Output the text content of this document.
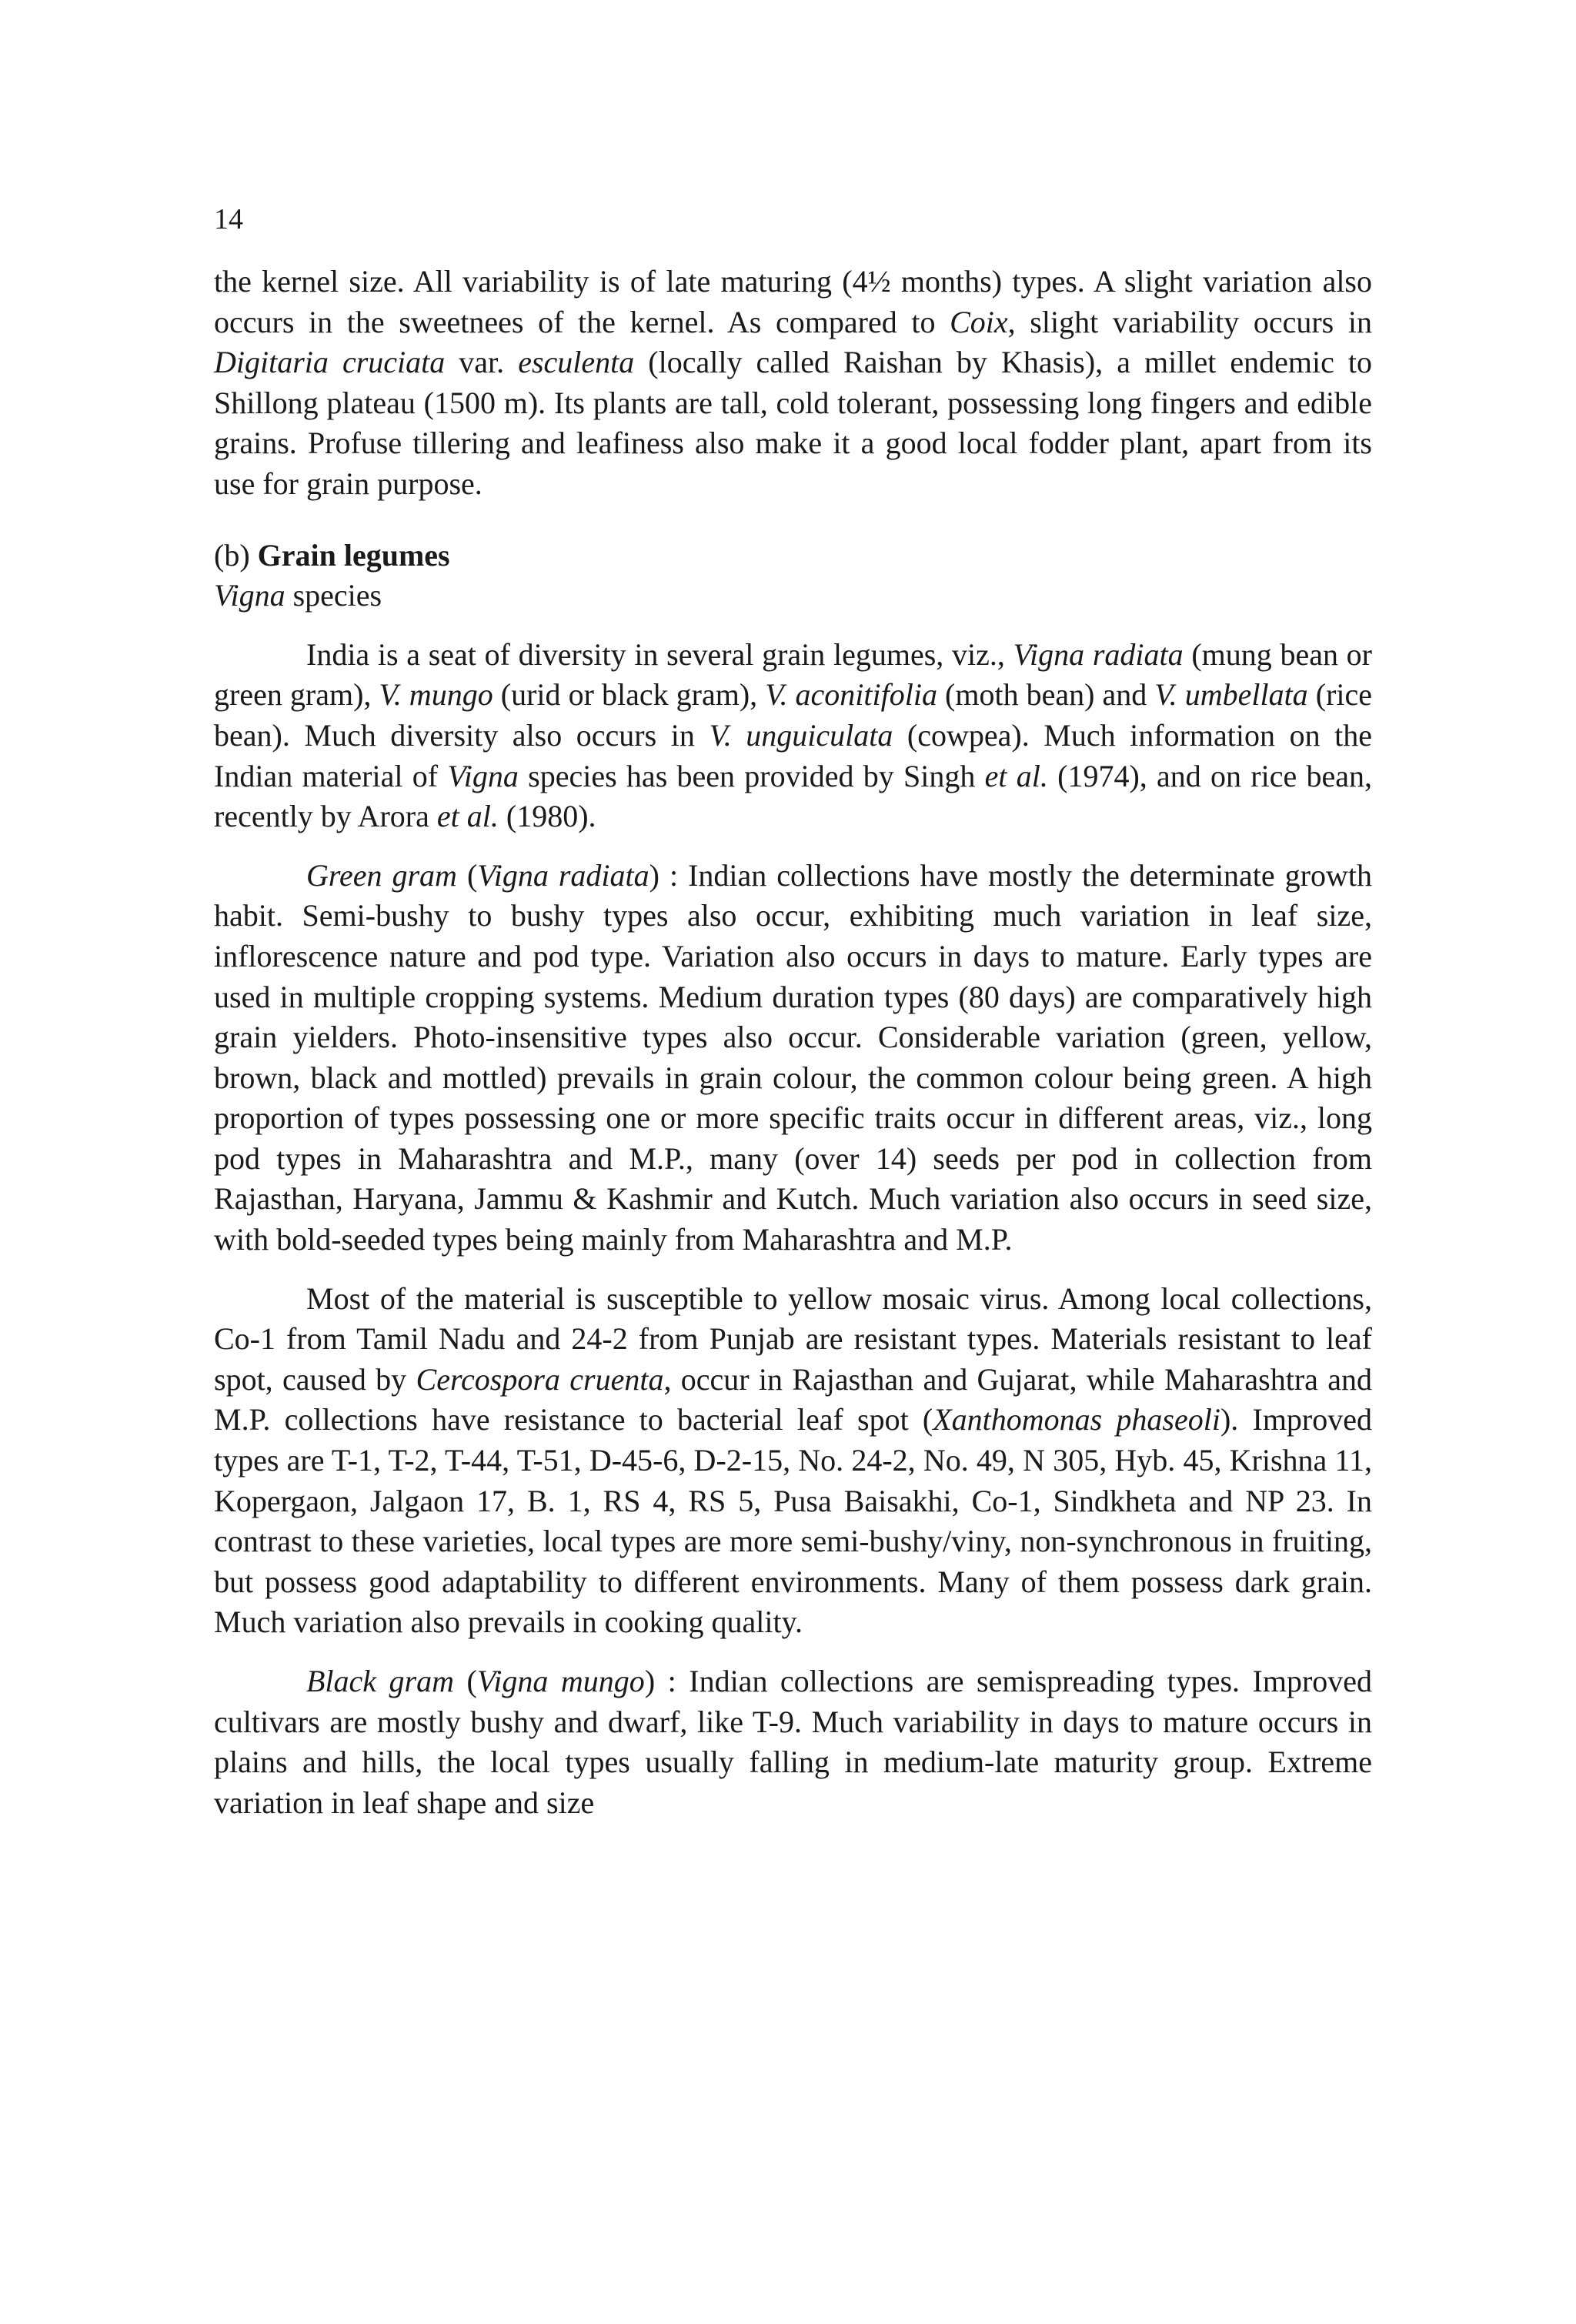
14

the kernel size. All variability is of late maturing (4½ months) types. A slight variation also occurs in the sweetnees of the kernel. As compared to Coix, slight variability occurs in Digitaria cruciata var. esculenta (locally called Raishan by Khasis), a millet endemic to Shillong plateau (1500 m). Its plants are tall, cold tolerant, possessing long fingers and edible grains. Profuse tillering and leafiness also make it a good local fodder plant, apart from its use for grain purpose.

(b) Grain legumes
Vigna species

India is a seat of diversity in several grain legumes, viz., Vigna radiata (mung bean or green gram), V. mungo (urid or black gram), V. aconitifolia (moth bean) and V. umbellata (rice bean). Much diversity also occurs in V. unguiculata (cowpea). Much information on the Indian material of Vigna species has been provided by Singh et al. (1974), and on rice bean, recently by Arora et al. (1980).

Green gram (Vigna radiata) : Indian collections have mostly the determinate growth habit. Semi-bushy to bushy types also occur, exhibiting much variation in leaf size, inflorescence nature and pod type. Variation also occurs in days to mature. Early types are used in multiple cropping systems. Medium duration types (80 days) are comparatively high grain yielders. Photo-insensitive types also occur. Considerable variation (green, yellow, brown, black and mottled) prevails in grain colour, the common colour being green. A high proportion of types possessing one or more specific traits occur in different areas, viz., long pod types in Maharashtra and M.P., many (over 14) seeds per pod in collection from Rajasthan, Haryana, Jammu & Kashmir and Kutch. Much variation also occurs in seed size, with bold-seeded types being mainly from Maharashtra and M.P.

Most of the material is susceptible to yellow mosaic virus. Among local collections, Co-1 from Tamil Nadu and 24-2 from Punjab are resistant types. Materials resistant to leaf spot, caused by Cercospora cruenta, occur in Rajasthan and Gujarat, while Maharashtra and M.P. collections have resistance to bacterial leaf spot (Xanthomonas phaseoli). Improved types are T-1, T-2, T-44, T-51, D-45-6, D-2-15, No. 24-2, No. 49, N 305, Hyb. 45, Krishna 11, Kopergaon, Jalgaon 17, B. 1, RS 4, RS 5, Pusa Baisakhi, Co-1, Sindkheta and NP 23. In contrast to these varieties, local types are more semi-bushy/viny, non-synchronous in fruiting, but possess good adaptability to different environments. Many of them possess dark grain. Much variation also prevails in cooking quality.

Black gram (Vigna mungo) : Indian collections are semispreading types. Improved cultivars are mostly bushy and dwarf, like T-9. Much variability in days to mature occurs in plains and hills, the local types usually falling in medium-late maturity group. Extreme variation in leaf shape and size
